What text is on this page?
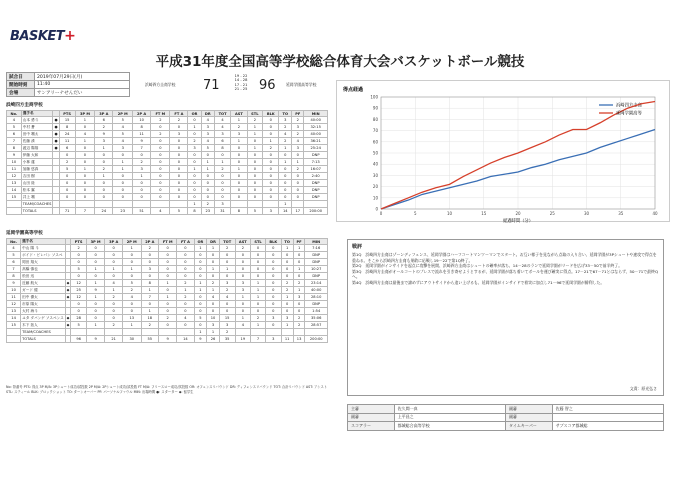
BASKET+
平成31年度全国高等学校総合体育大会バスケットボール競技
試合日	2019年07月29日(月)
開始時刻	11:40
会場	サンアリーナせんだい
浜崎四方圭商学校 71
19 - 22
14 - 28
17 - 21
21 - 25 96	延岡学園高等学校
浜崎四方圭商学校
No.	選手名		PTS	3P M	3P A	2P M	2P A	FT M	FT A	OR	DR	TOT	AST	STL	BLK	TO	PF	MIN
4	山本 勇斗	●	15	1	6	5	10	2	2	0	4	4	1	2	0	3	2	40:00
5	中村 蒼	●	8	0	2	4	8	0	0	1	3	4	2	1	0	2	3	32:15
6	田中 颯太	●	24	4	9	5	11	2	3	0	3	3	3	1	0	4	2	40:00
7	佐藤 湊	●	11	1	3	4	9	0	0	2	4	6	1	0	1	2	4	36:21
8	渡辺 陽翔	●	6	0	1	3	7	0	0	3	5	8	0	1	2	1	3	25:24
9	伊藤 大和		0	0	0	0	0	0	0	0	0	0	0	0	0	0	0	DNP
10	小林 蓮		2	0	0	1	2	0	0	0	1	1	0	0	0	1	1	7:13
11	加藤 悠真		5	1	2	1	3	0	0	1	1	2	1	0	0	0	2	16:07
12	吉田 樹		0	0	1	0	1	0	0	0	0	0	0	0	0	0	0	2:40
13	山田 陸		0	0	0	0	0	0	0	0	0	0	0	0	0	0	0	DNP
14	松本 翼		0	0	0	0	0	0	0	0	0	0	0	0	0	0	0	DNP
15	井上 颯		0	0	0	0	0	0	0	0	0	0	0	0	0	0	0	DNP
	TEAM/COACHES									1	2	3				1		
	TOTALS		71	7	24	23	51	4	5	8	23	31	8	5	3	14	17	200:00
延岡学園高等学校
No.	選手名		PTS	3P M	3P A	2P M	2P A	FT M	FT A	OR	DR	TOT	AST	STL	BLK	TO	PF	MIN
4	中山 陽 斗		2	0	0	1	2	0	0	1	1	2	2	0	0	1	1	7:16
5	ボイド・ビレパン ソスペ		0	0	0	0	0	0	0	0	0	0	0	0	0	0	0	DNP
6	岡田 翔大		0	0	0	0	0	0	0	0	0	0	0	0	0	0	0	DNP
7	高橋 慎也		5	1	1	1	3	0	0	0	1	1	0	0	0	0	1	10:27
8	松田 迅		0	0	0	0	0	0	0	0	0	0	0	0	0	0	0	DNP
9	近藤 航大	◆	12	1	4	5	8	1	2	1	2	3	3	1	0	2	2	23:14
10	ガード 健	◆	25	9	1	2	1	0	1	1	1	2	3	1	0	2	1	40:00
11	田中 優太	◆	12	1	2	4	7	1	2	0	4	4	1	1	0	1	3	28:10
12	市原 陽太		0	0	0	0	0	0	0	0	0	0	0	0	0	0	0	DNP
13	大村 海斗		0	0	0	0	1	0	0	0	0	0	0	0	0	0	0	1:54
14	ユタ ダバンゲ ソスペンス	◆	28	0	0	13	18	2	4	5	10	15	1	2	3	3	2	35:06
15	木下 拓人	◆	5	1	2	1	2	0	0	0	3	3	4	1	0	1	2	28:57
	TEAM/COACHES									1	1	2						
	TOTALS		96	9	21	30	55	9	14	9	26	35	19	7	3	11	13	200:00
No: 背番号 PTS: 得点 3P M/A: 3Pシュート成功/試投数 2P M/A: 2Pシュート成功/試投数 FT M/A: フリースロー成功/試投数 OR: オフェンスリバウンド DR: ディフェンスリバウンド TOT: 合計リバウンド AST: アシスト STL: スティール BLK: ブロックショット TO: ターンオーバー PF: パーソナルファウル MIN: 出場時間 ●: スターター ◆: 留学生
得点経過
0
10
20
30
40
50
60
70
80
90
100
0	5	10	15	20	25	30	35	40
経過時間（分）
浜崎四方圭商
延岡学園高等
戦評
第1Q　浜崎四方圭商はゾーンディフェンス、延岡学園はハーフコートマンツーマンでスタート。お互い様子を見ながら点取の入り合い、延岡学園が3Pシュートや速攻で得点を重ねる。そこから浜崎四方圭商も果敢に応戦し19－22で第1Q終了。
第2Q　延岡学園がインサイドを起点に攻撃を展開、浜崎四方圭商はシュートの確率が落ち、14－28のランで延岡学園がリードを広げ33－50で前半終了。
第3Q　浜崎四方圭商がオールコートのプレスで流れを引き寄せようとするが、延岡学園が落ち着いてボールを運び確実に得点。17－21で67－71とはならず、50－71で最終Qへ。
第4Q　浜崎四方圭商は最後まで諦めずにアウトサイドから追い上げるも、延岡学園がインサイドで着実に加点し71－96で延岡学園が勝利した。
文責：原光弘さ
主審	佐久間一真	副審	佐藤 智之
副審	上平昌之	副審	
スコアラー	都城総合高等学校	タイムキーパー	サブスコア都城総
